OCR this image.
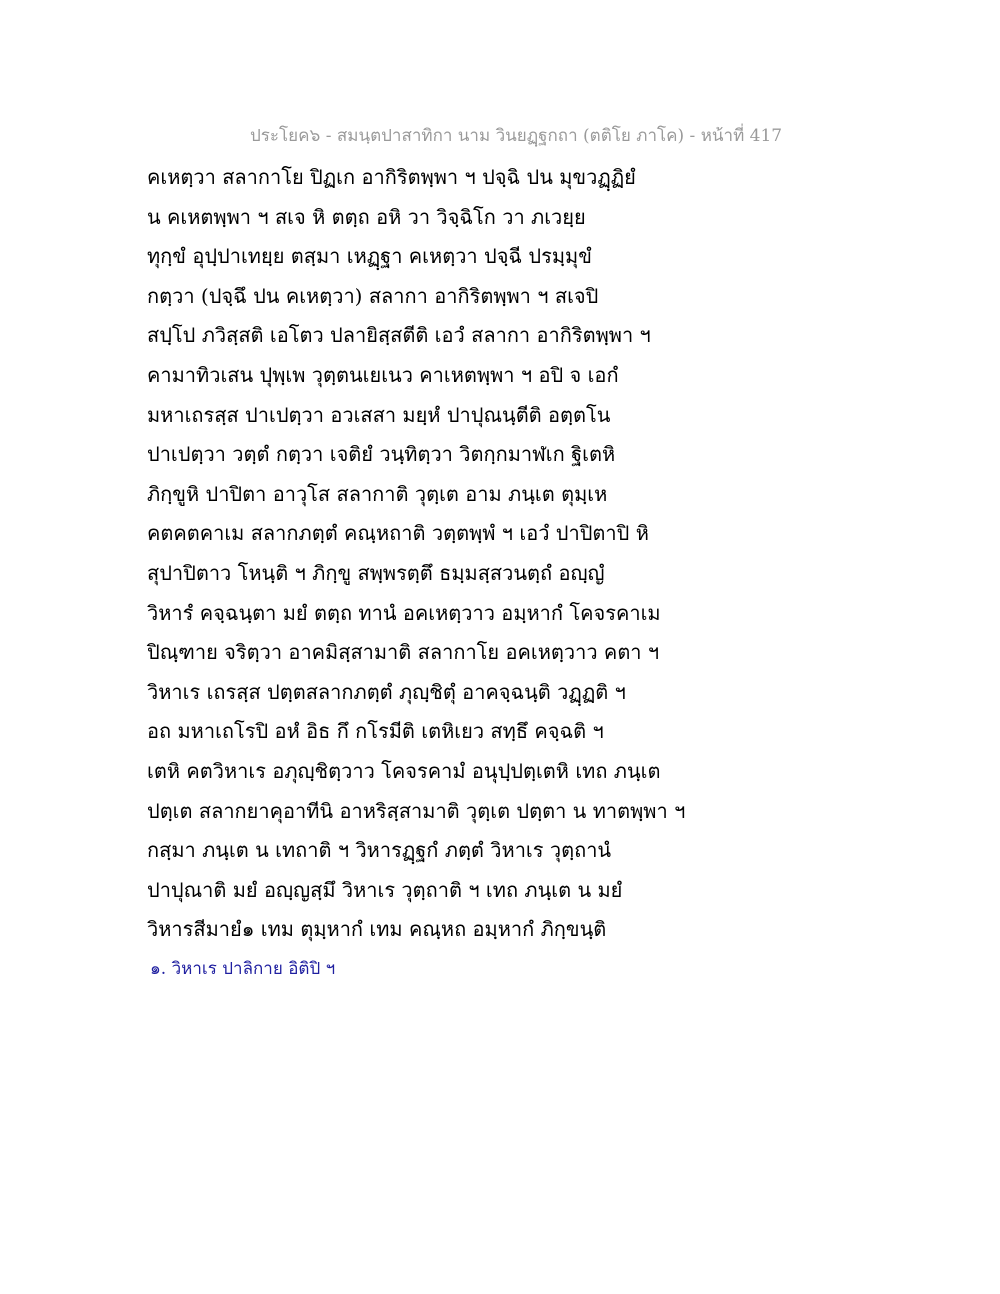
ประโยค๖ - สมนฺตปาสาทิกา นาม วินยฏฺฐกถา (ตติโย ภาโค) - หน้าที่ 417
คเหตฺวา สลากาโย ปิฏเก อากิริตพฺพา ฯ ปจฺฉิ ปน มุขวฏฺฏิยํ
น คเหตพฺพา ฯ สเจ หิ ตตฺถ อหิ วา วิจฺฉิโก วา ภเวยฺย
ทุกฺขํ อุปฺปาเทยฺย ตสฺมา เหฏฺฐา คเหตฺวา ปจฺฉี ปรมฺมุขํ
กตฺวา (ปจฺฉึ ปน คเหตฺวา) สลากา อากิริตพฺพา ฯ สเจปิ
สปฺโป ภวิสฺสติ เอโตว ปลายิสฺสตีติ เอวํ สลากา อากิริตพฺพา ฯ
คามาทิวเสน ปุพฺเพ วุตฺตนเยเนว คาเหตพฺพา ฯ อปิ จ เอกํ
มหาเถรสฺส ปาเปตฺวา อวเสสา มยฺหํ ปาปุณนฺตีติ อตฺตโน
ปาเปตฺวา วตฺตํ กตฺวา เจติยํ วนฺทิตฺวา วิตกฺกมาฬเก ฐิเตหิ
ภิกฺขูหิ ปาปิตา อาวุโส สลากาติ วุตฺเต อาม ภนฺเต ตุมฺเห
คตคตคาเม สลากภตฺตํ คณฺหถาติ วตฺตพฺพํ ฯ เอวํ ปาปิตาปิ หิ
สุปาปิตาว โหนฺติ ฯ ภิกฺขู สพฺพรตฺตึ ธมฺมสฺสวนตฺถํ อญฺญํ
วิหารํ คจฺฉนฺตา มยํ ตตฺถ ทานํ อคเหตฺวาว อมฺหากํ โคจรคาเม
ปิณฺฑาย จริตฺวา อาคมิสฺสามาติ สลากาโย อคเหตฺวาว คตา ฯ
วิหาเร เถรสฺส ปตฺตสลากภตฺตํ ภุญฺชิตุํ อาคจฺฉนฺติ วฏฺฏติ ฯ
อถ มหาเถโรปิ อหํ อิธ กึ กโรมีติ เตหิเยว สทฺธึ คจฺฉติ ฯ
เตหิ คตวิหาเร อภุญฺชิตฺวาว โคจรคามํ อนุปฺปตฺเตหิ เทถ ภนฺเต
ปตฺเต สลากยาคุอาทีนิ อาหริสฺสามาติ วุตฺเต ปตฺตา น ทาตพฺพา ฯ
กสฺมา ภนฺเต น เทถาติ ฯ วิหารฏฺฐกํ ภตฺตํ วิหาเร วุตฺถานํ
ปาปุณาติ มยํ อญฺญสฺมึ วิหาเร วุตฺถาติ ฯ เทถ ภนฺเต น มยํ
วิหารสีมายํ๑ เทม ตุมฺหากํ เทม คณฺหถ อมฺหากํ ภิกฺขนฺติ
๑. วิหาเร ปาลิกาย อิติปิ ฯ
